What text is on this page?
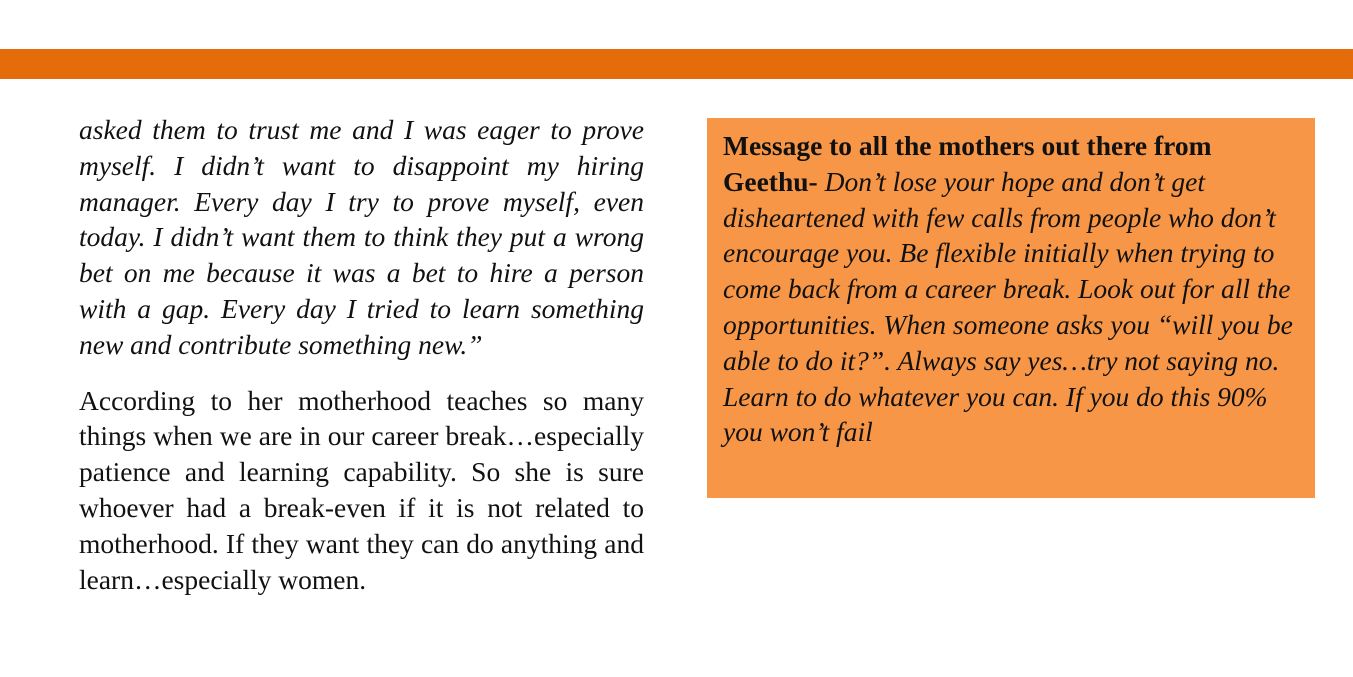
asked them to trust me and I was eager to prove myself. I didn’t want to disappoint my hiring manager. Every day I try to prove myself, even today. I didn’t want them to think they put a wrong bet on me because it was a bet to hire a person with a gap. Every day I tried to learn something new and contribute something new.”

According to her motherhood teaches so many things when we are in our career break…especially patience and learning capability. So she is sure whoever had a break-even if it is not related to motherhood. If they want they can do anything and learn…especially women.

Message to all the mothers out there from Geethu- Don’t lose your hope and don’t get disheartened with few calls from people who don’t encourage you. Be flexible initially when trying to come back from a career break. Look out for all the opportunities. When someone asks you “will you be able to do it?”. Always say yes…try not saying no. Learn to do whatever you can. If you do this 90% you won’t fail
